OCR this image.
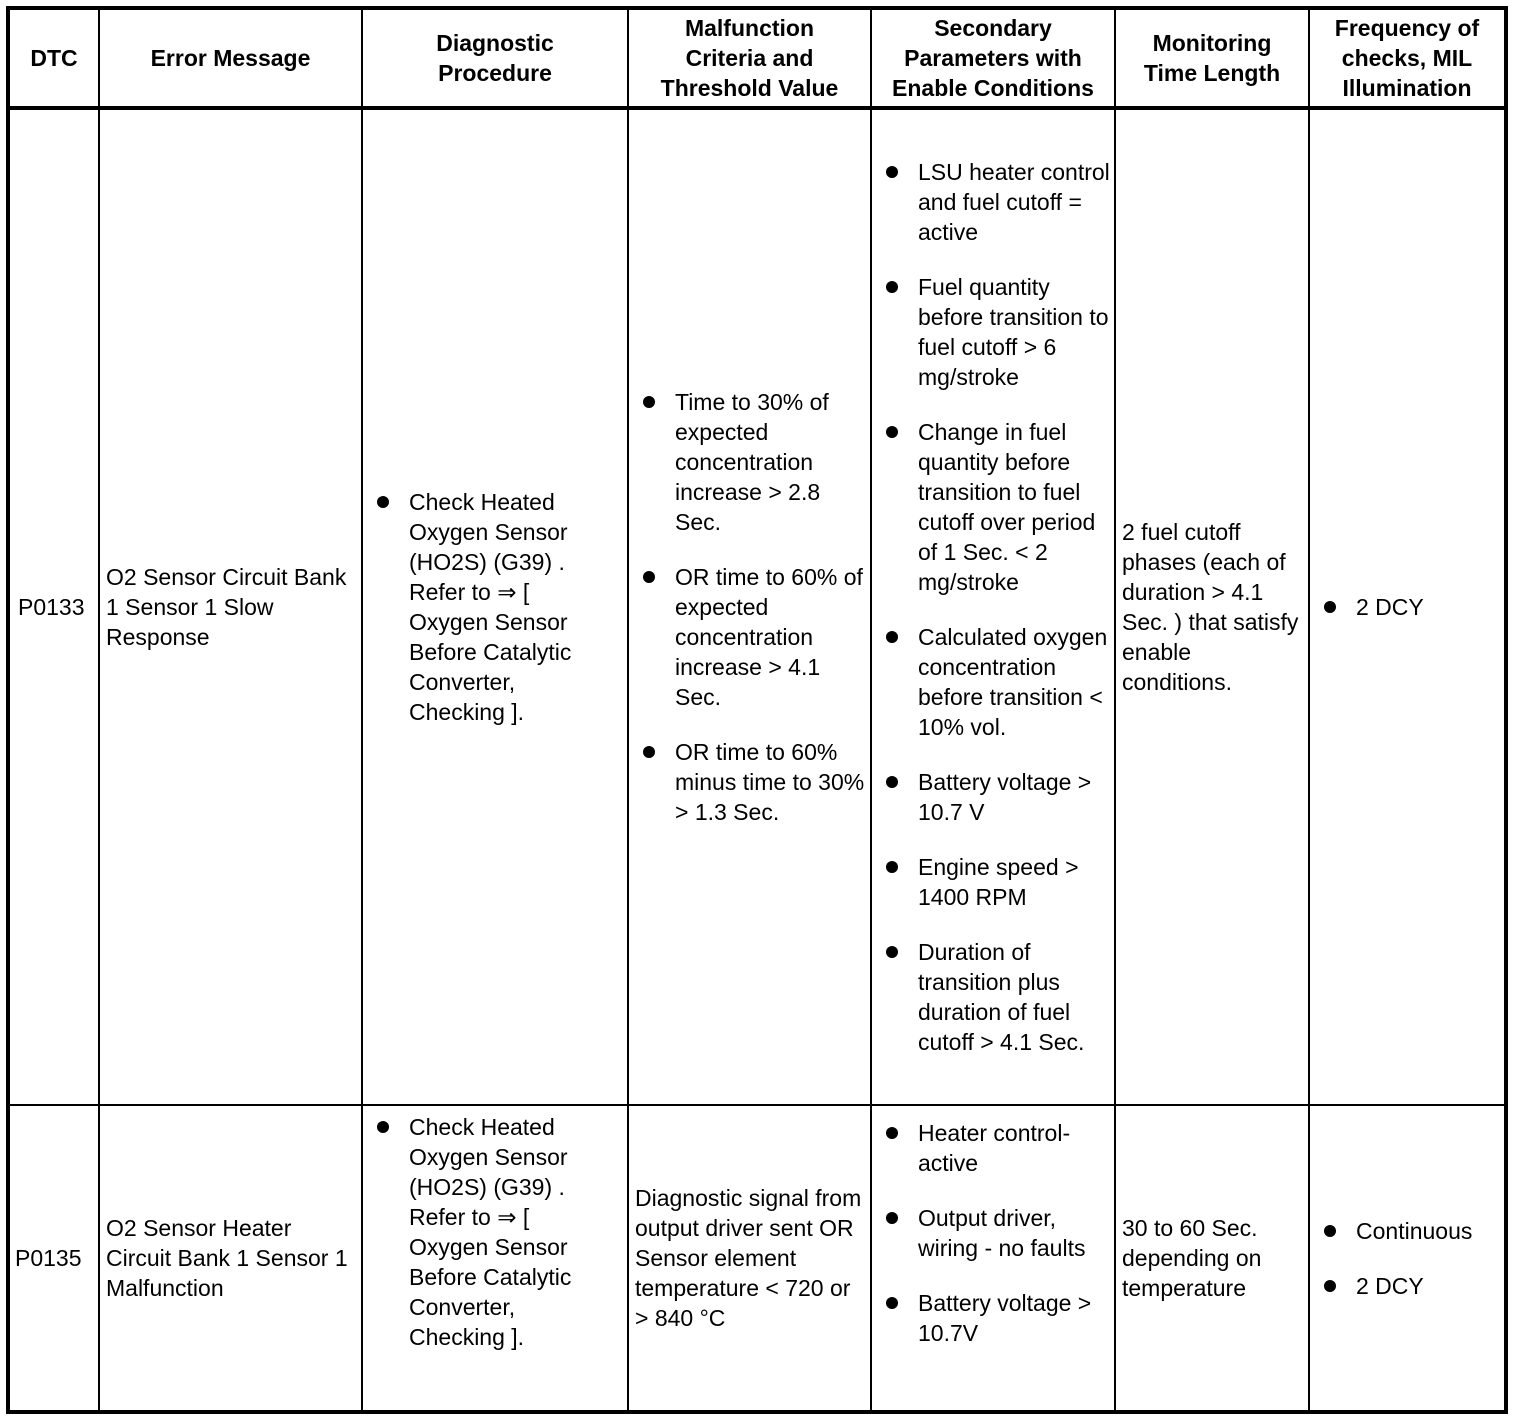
DTC	Error Message
Diagnostic
Procedure
Malfunction
Criteria and
Threshold Value
Secondary
Parameters with
Enable Conditions
Monitoring
Time Length
Frequency of
checks, MIL
Illumination
P0133
O2 Sensor Circuit Bank 1 Sensor 1 Slow Response
Check Heated Oxygen Sensor (HO2S) (G39) . Refer to ⇒ [ Oxygen Sensor Before Catalytic Converter, Checking ].
Time to 30% of expected concentration increase > 2.8 Sec.
OR time to 60% of expected concentration increase > 4.1 Sec.
OR time to 60% minus time to 30% > 1.3 Sec.
LSU heater control and fuel cutoff = active
Fuel quantity before transition to fuel cutoff > 6 mg/stroke
Change in fuel quantity before transition to fuel cutoff over period of 1 Sec. < 2 mg/stroke
Calculated oxygen concentration before transition < 10% vol.
Battery voltage > 10.7 V
Engine speed > 1400 RPM
Duration of transition plus duration of fuel cutoff > 4.1 Sec.
2 fuel cutoff phases (each of duration > 4.1 Sec. ) that satisfy enable conditions.
2 DCY
P0135
O2 Sensor Heater Circuit Bank 1 Sensor 1 Malfunction
Check Heated Oxygen Sensor (HO2S) (G39) . Refer to ⇒ [ Oxygen Sensor Before Catalytic Converter, Checking ].
Diagnostic signal from output driver sent OR Sensor element temperature < 720 or > 840 °C
Heater control-active
Output driver, wiring - no faults
Battery voltage > 10.7V
30 to 60 Sec. depending on temperature
Continuous
2 DCY
